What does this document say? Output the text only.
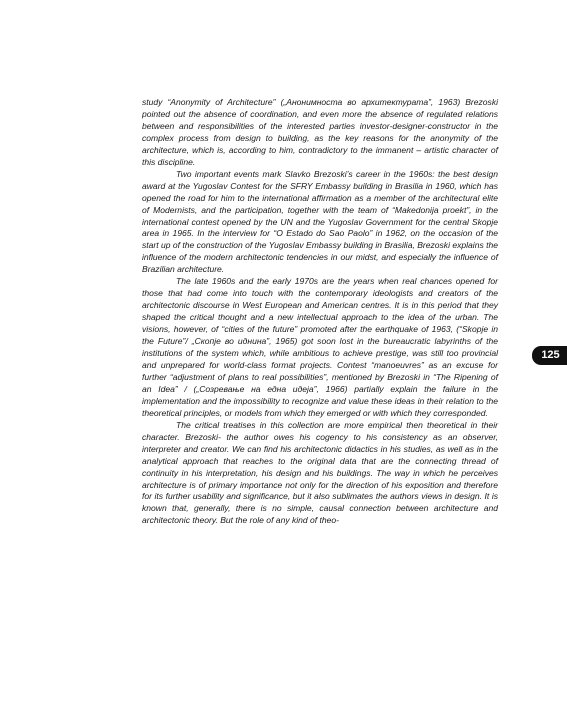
study “Anonymity of Architecture” („Анонимноста во архитектурата”, 1963) Brezoski pointed out the absence of coordination, and even more the absence of regulated relations between and responsibilities of the interested parties investor-designer-constructor in the complex process from design to building, as the key reasons for the anonymity of the architecture, which is, according to him, contradictory to the immanent – artistic character of this discipline.

Two important events mark Slavko Brezoski’s career in the 1960s: the best design award at the Yugoslav Contest for the SFRY Embassy building in Brasilia in 1960, which has opened the road for him to the international affirmation as a member of the architectural elite of Modernists, and the participation, together with the team of “Makedonija proekt”, in the international contest opened by the UN and the Yugoslav Government for the central Skopje area in 1965. In the interview for “O Estado do Sao Paolo” in 1962, on the occasion of the start up of the construction of the Yugoslav Embassy building in Brasilia, Brezoski explains the influence of the modern architectonic tendencies in our midst, and especially the influence of Brazilian architecture.

The late 1960s and the early 1970s are the years when real chances opened for those that had come into touch with the contemporary ideologists and creators of the architectonic discourse in West European and American centres. It is in this period that they shaped the critical thought and a new intellectual approach to the idea of the urban. The visions, however, of “cities of the future” promoted after the earthquake of 1963, (“Skopje in the Future”/ „Скопје во иднина”, 1965) got soon lost in the bureaucratic labyrinths of the institutions of the system which, while ambitious to achieve prestige, was still too provincial and unprepared for world-class format projects. Contest “manoeuvres” as an excuse for further “adjustment of plans to real possibilities”, mentioned by Brezoski in “The Ripening of an Idea” / („Созревање на една идеја”, 1966) partially explain the failure in the implementation and the impossibility to recognize and value these ideas in their relation to the theoretical principles, or models from which they emerged or with which they corresponded.

The critical treatises in this collection are more empirical then theoretical in their character. Brezoski- the author owes his cogency to his consistency as an observer, interpreter and creator. We can find his architectonic didactics in his studies, as well as in the analytical approach that reaches to the original data that are the connecting thread of continuity in his interpretation, his design and his buildings. The way in which he perceives architecture is of primary importance not only for the direction of his exposition and therefore for its further usability and significance, but it also sublimates the authors views in design. It is known that, generally, there is no simple, causal connection between architecture and architectonic theory. But the role of any kind of theo-

125
